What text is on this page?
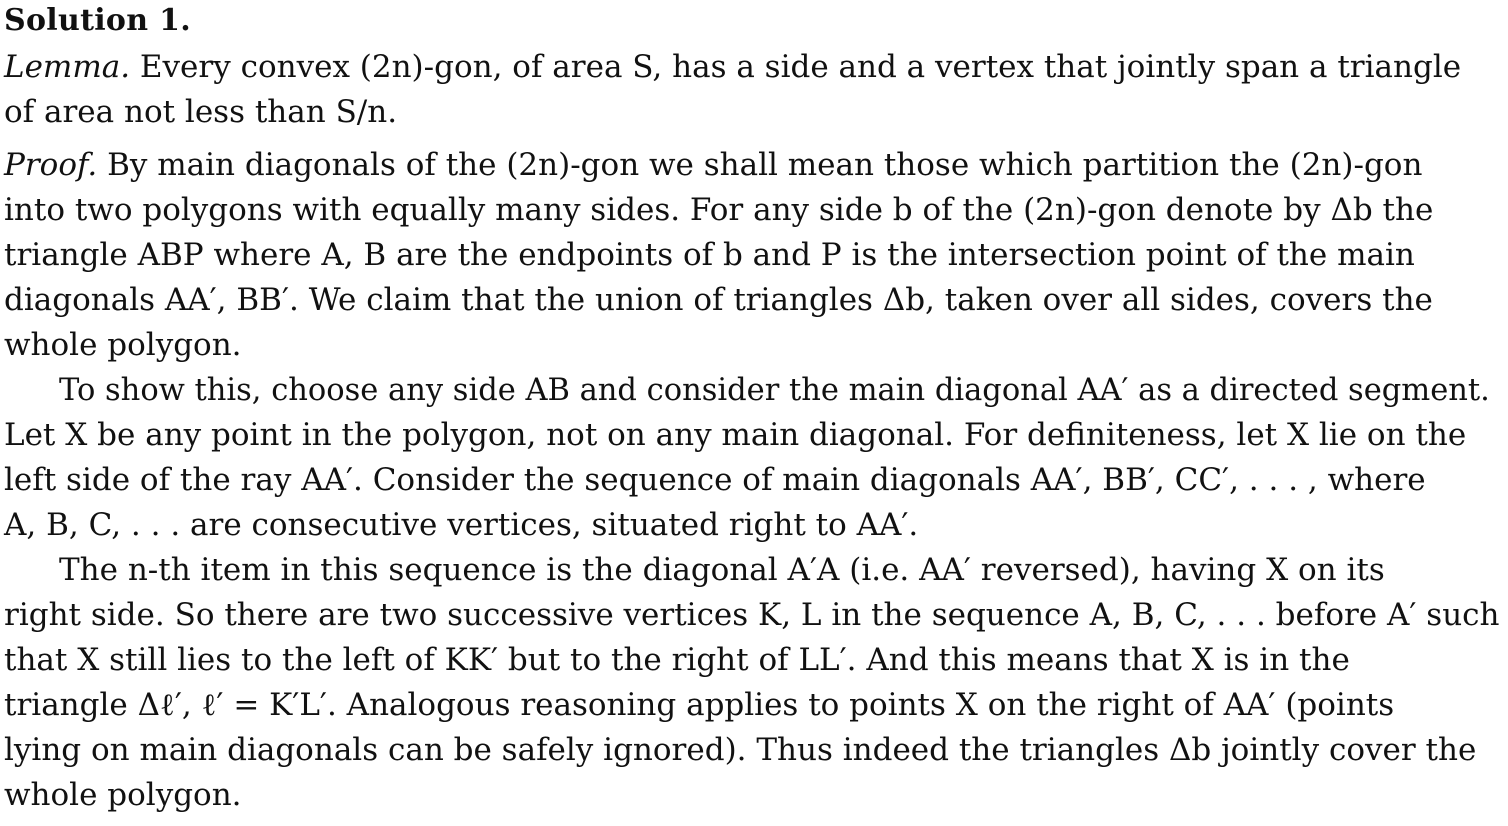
Solution 1.
Lemma. Every convex (2n)-gon, of area S, has a side and a vertex that jointly span a triangle
of area not less than S/n.
Proof. By main diagonals of the (2n)-gon we shall mean those which partition the (2n)-gon
into two polygons with equally many sides. For any side b of the (2n)-gon denote by Δb the
triangle ABP where A, B are the endpoints of b and P is the intersection point of the main
diagonals AA′, BB′. We claim that the union of triangles Δb, taken over all sides, covers the
whole polygon.
To show this, choose any side AB and consider the main diagonal AA′ as a directed segment.
Let X be any point in the polygon, not on any main diagonal. For definiteness, let X lie on the
left side of the ray AA′. Consider the sequence of main diagonals AA′, BB′, CC′, . . . , where
A, B, C, . . . are consecutive vertices, situated right to AA′.
The n-th item in this sequence is the diagonal A′A (i.e. AA′ reversed), having X on its
right side. So there are two successive vertices K, L in the sequence A, B, C, . . . before A′ such
that X still lies to the left of KK′ but to the right of LL′. And this means that X is in the
triangle Δℓ′, ℓ′ = K′L′. Analogous reasoning applies to points X on the right of AA′ (points
lying on main diagonals can be safely ignored). Thus indeed the triangles Δb jointly cover the
whole polygon.
